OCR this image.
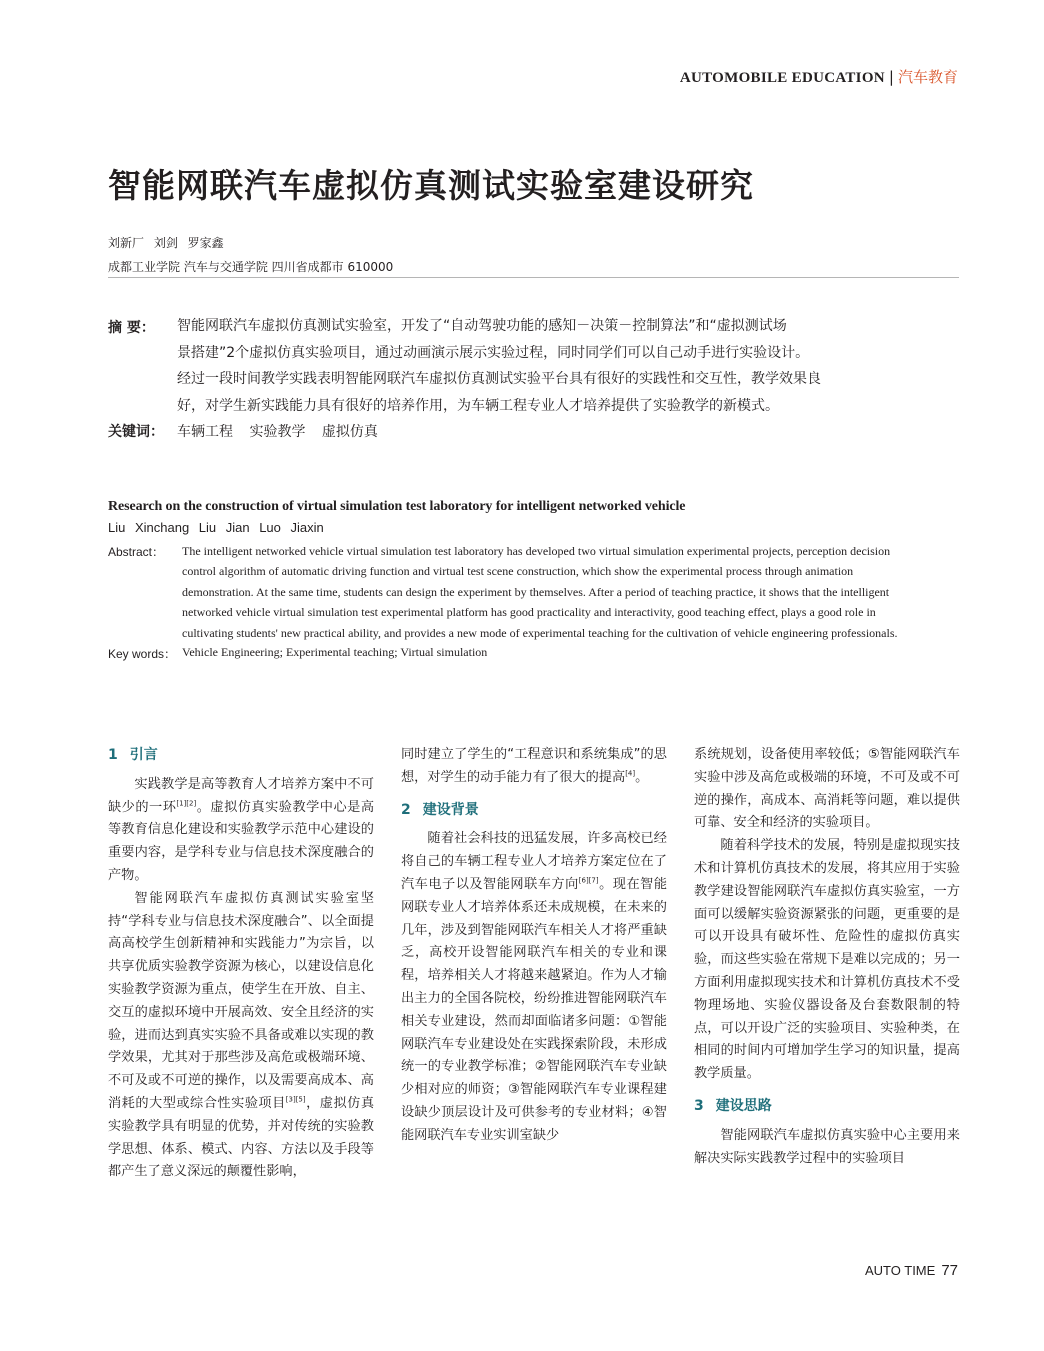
AUTOMOBILE EDUCATION | 汽车教育
智能网联汽车虚拟仿真测试实验室建设研究
刘新厂 刘剑 罗家鑫
成都工业学院 汽车与交通学院 四川省成都市 610000
摘 要： 智能网联汽车虚拟仿真测试实验室，开发了“自动驾驶功能的感知－决策－控制算法”和“虚拟测试场
景搭建”2个虚拟仿真实验项目，通过动画演示展示实验过程，同时同学们可以自己动手进行实验设计。
经过一段时间教学实践表明智能网联汽车虚拟仿真测试实验平台具有很好的实践性和交互性，教学效果良
好，对学生新实践能力具有很好的培养作用，为车辆工程专业人才培养提供了实验教学的新模式。
关键词： 车辆工程 实验教学 虚拟仿真
Research on the construction of virtual simulation test laboratory for intelligent networked vehicle
Liu Xinchang Liu Jian Luo Jiaxin
Abstract： The intelligent networked vehicle virtual simulation test laboratory has developed two virtual simulation experimental projects, perception decision
control algorithm of automatic driving function and virtual test scene construction, which show the experimental process through animation
demonstration. At the same time, students can design the experiment by themselves. After a period of teaching practice, it shows that the intelligent
networked vehicle virtual simulation test experimental platform has good practicality and interactivity, good teaching effect, plays a good role in
cultivating students' new practical ability, and provides a new mode of experimental teaching for the cultivation of vehicle engineering professionals.
Key words： Vehicle Engineering; Experimental teaching; Virtual simulation
1 引言

实践教学是高等教育人才培养方案中不可缺少的一环[1][2]。虚拟仿真实验教学中心是高等教育信息化建设和实验教学示范中心建设的重要内容，是学科专业与信息技术深度融合的产物。

智能网联汽车虚拟仿真测试实验室坚持“学科专业与信息技术深度融合”、以全面提高高校学生创新精神和实践能力”为宗旨，以共享优质实验教学资源为核心，以建设信息化实验教学资源为重点，使学生在开放、自主、交互的虚拟环境中开展高效、安全且经济的实验，进而达到真实实验不具备或难以实现的教学效果，尤其对于那些涉及高危或极端环境、不可及或不可逆的操作，以及需要高成本、高消耗的大型或综合性实验项目[3][5]，虚拟仿真实验教学具有明显的优势，并对传统的实验教学思想、体系、模式、内容、方法以及手段等都产生了意义深远的颠覆性影响，

同时建立了学生的“工程意识和系统集成”的思想，对学生的动手能力有了很大的提高[4]。

2 建设背景

随着社会科技的迅猛发展，许多高校已经将自己的车辆工程专业人才培养方案定位在了汽车电子以及智能网联车方向[6][7]。现在智能网联专业人才培养体系还未成规模，在未来的几年，涉及到智能网联汽车相关人才将严重缺乏，高校开设智能网联汽车相关的专业和课程，培养相关人才将越来越紧迫。作为人才输出主力的全国各院校，纷纷推进智能网联汽车相关专业建设，然而却面临诸多问题：①智能网联汽车专业建设处在实践探索阶段，未形成统一的专业教学标准；②智能网联汽车专业缺少相对应的师资；③智能网联汽车专业课程建设缺少顶层设计及可供参考的专业材料；④智能网联汽车专业实训室缺少

系统规划，设备使用率较低；⑤智能网联汽车实验中涉及高危或极端的环境，不可及或不可逆的操作，高成本、高消耗等问题，难以提供可靠、安全和经济的实验项目。

随着科学技术的发展，特别是虚拟现实技术和计算机仿真技术的发展，将其应用于实验教学建设智能网联汽车虚拟仿真实验室，一方面可以缓解实验资源紧张的问题，更重要的是可以开设具有破坏性、危险性的虚拟仿真实验，而这些实验在常规下是难以完成的；另一方面利用虚拟现实技术和计算机仿真技术不受物理场地、实验仪器设备及台套数限制的特点，可以开设广泛的实验项目、实验种类，在相同的时间内可增加学生学习的知识量，提高教学质量。

3 建设思路

智能网联汽车虚拟仿真实验中心主要用来解决实际实践教学过程中的实验项目

AUTO TIME 77
